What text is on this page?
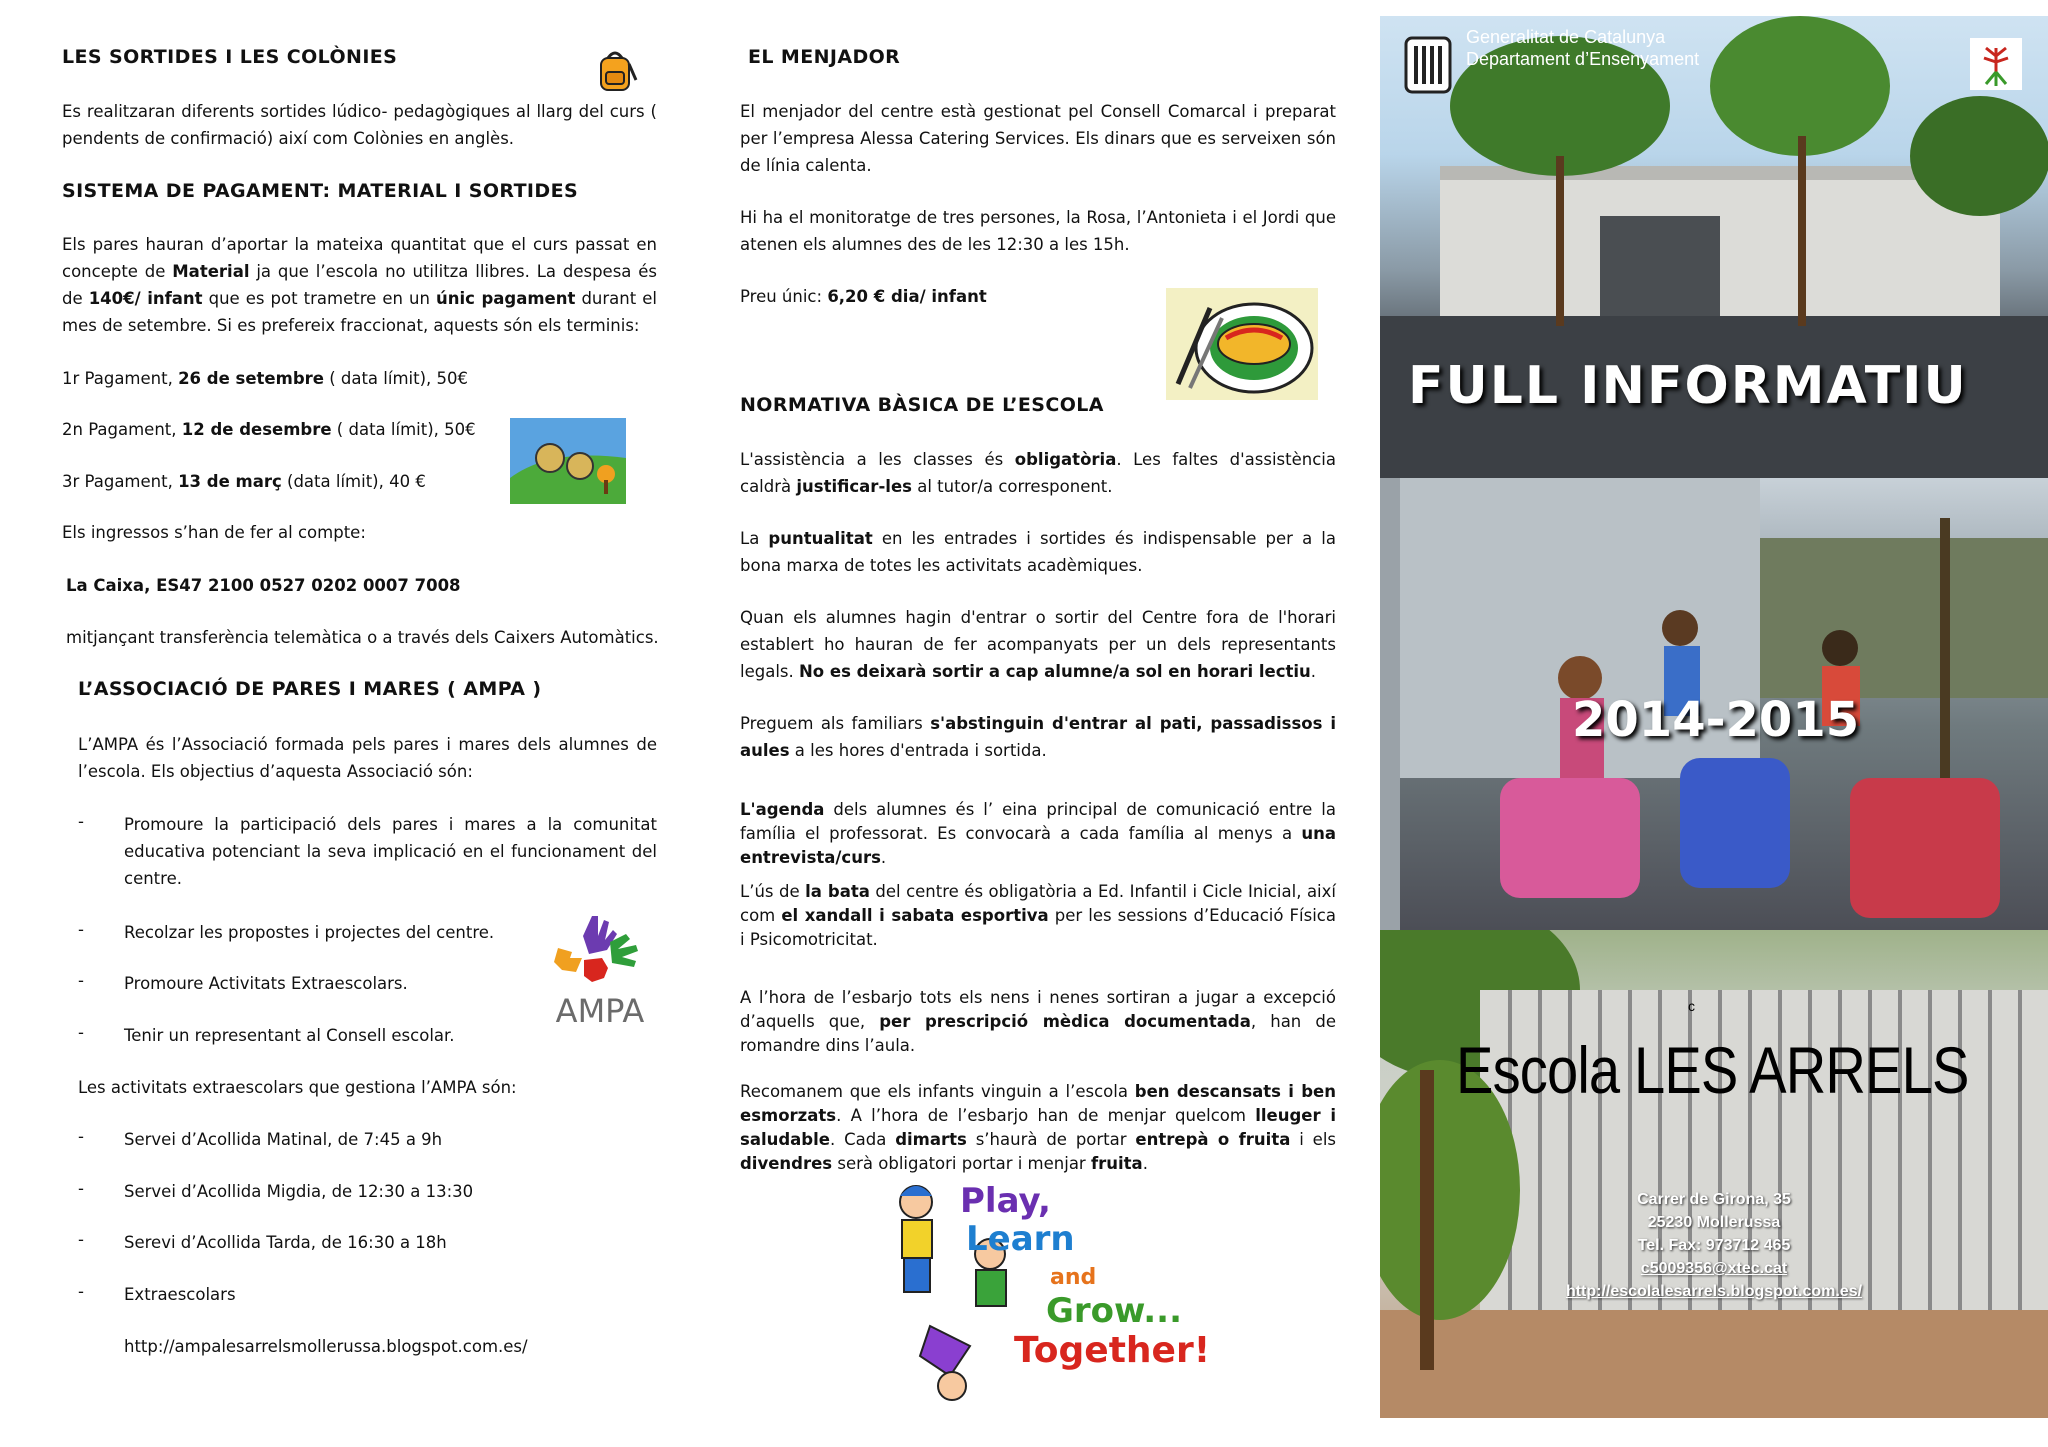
LES SORTIDES I LES COLÒNIES
Es realitzaran diferents sortides lúdico- pedagògiques al llarg del curs ( pendents de confirmació) així com Colònies en anglès.
SISTEMA DE PAGAMENT: MATERIAL I SORTIDES
Els pares hauran d’aportar la mateixa quantitat que el curs passat en concepte de Material ja que l’escola no utilitza llibres. La despesa és de 140€/ infant que es pot trametre en un únic pagament durant el mes de setembre. Si es prefereix fraccionat, aquests són els terminis:
1r Pagament, 26 de setembre ( data límit), 50€
2n Pagament, 12 de desembre ( data límit), 50€
3r Pagament, 13 de març (data límit), 40 €
Els ingressos s’han de fer al compte:
La Caixa, ES47 2100 0527 0202 0007 7008
mitjançant transferència telemàtica o a través dels Caixers Automàtics.
L’ASSOCIACIÓ DE PARES I MARES ( AMPA )
L’AMPA és l’Associació formada pels pares i mares dels alumnes de l’escola. Els objectius d’aquesta Associació són:
- Promoure la participació dels pares i mares a la comunitat educativa potenciant la seva implicació en el funcionament del centre.
- Recolzar les propostes i projectes del centre.
- Promoure Activitats Extraescolars.
- Tenir un representant al Consell escolar.
AMPA
Les activitats extraescolars que gestiona l’AMPA són:
- Servei d’Acollida Matinal, de 7:45 a 9h
- Servei d’Acollida Migdia, de 12:30 a 13:30
- Serevi d’Acollida Tarda, de 16:30 a 18h
- Extraescolars
http://ampalesarrelsmollerussa.blogspot.com.es/
EL MENJADOR
El menjador del centre està gestionat pel Consell Comarcal i preparat per l’empresa Alessa Catering Services. Els dinars que es serveixen són de línia calenta.
Hi ha el monitoratge de tres persones, la Rosa, l’Antonieta i el Jordi que atenen els alumnes des de les 12:30 a les 15h.
Preu únic: 6,20 € dia/ infant
NORMATIVA BÀSICA DE L’ESCOLA
L'assistència a les classes és obligatòria. Les faltes d'assistència caldrà justificar-les al tutor/a corresponent.
La puntualitat en les entrades i sortides és indispensable per a la bona marxa de totes les activitats acadèmiques.
Quan els alumnes hagin d'entrar o sortir del Centre fora de l'horari establert ho hauran de fer acompanyats per un dels representants legals. No es deixarà sortir a cap alumne/a sol en horari lectiu.
Preguem als familiars s'abstinguin d'entrar al pati, passadissos i aules a les hores d'entrada i sortida.
L'agenda dels alumnes és l’ eina principal de comunicació entre la família el professorat. Es convocarà a cada família al menys a una entrevista/curs.
L’ús de la bata del centre és obligatòria a Ed. Infantil i Cicle Inicial, així com el xandall i sabata esportiva per les sessions d’Educació Física i Psicomotricitat.
A l’hora de l’esbarjo tots els nens i nenes sortiran a jugar a excepció d’aquells que, per prescripció mèdica documentada, han de romandre dins l’aula.
Recomanem que els infants vinguin a l’escola ben descansats i ben esmorzats. A l’hora de l’esbarjo han de menjar quelcom lleuger i saludable. Cada dimarts s’haurà de portar entrepà o fruita i els divendres serà obligatori portar i menjar fruita.
Play,
Learn
and
Grow...
Together!
Generalitat de Catalunya
Departament d’Ensenyament
FULL INFORMATIU
2014-2015
c
Escola LES ARRELS
Carrer de Girona, 35
25230 Mollerussa
Tel. Fax: 973712 465
c5009356@xtec.cat
http://escolalesarrels.blogspot.com.es/
